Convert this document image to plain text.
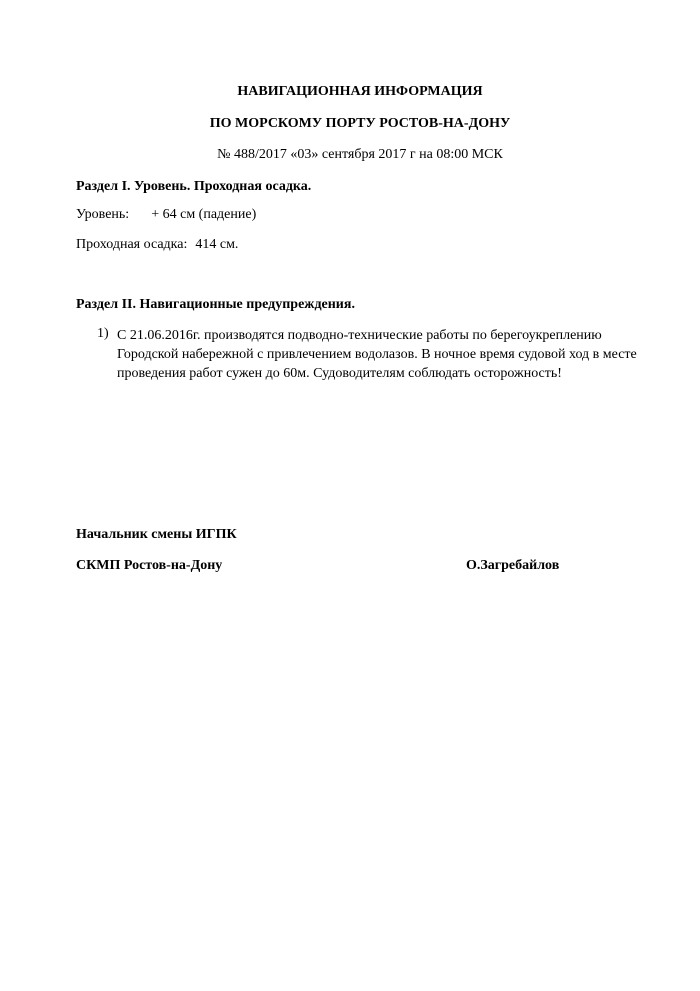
НАВИГАЦИОННАЯ ИНФОРМАЦИЯ
ПО МОРСКОМУ ПОРТУ РОСТОВ-НА-ДОНУ
№ 488/2017 «03» сентября 2017 г на 08:00 МСК
Раздел I. Уровень. Проходная осадка.
Уровень: + 64 см (падение)
Проходная осадка: 414 см.
Раздел II. Навигационные предупреждения.
1) С 21.06.2016г. производятся подводно-технические работы по берегоукреплению
Городской набережной с привлечением водолазов. В ночное время судовой ход в месте
проведения работ сужен до 60м. Судоводителям соблюдать осторожность!
Начальник смены ИГПК
СКМП Ростов-на-Дону	О.Загребайлов
